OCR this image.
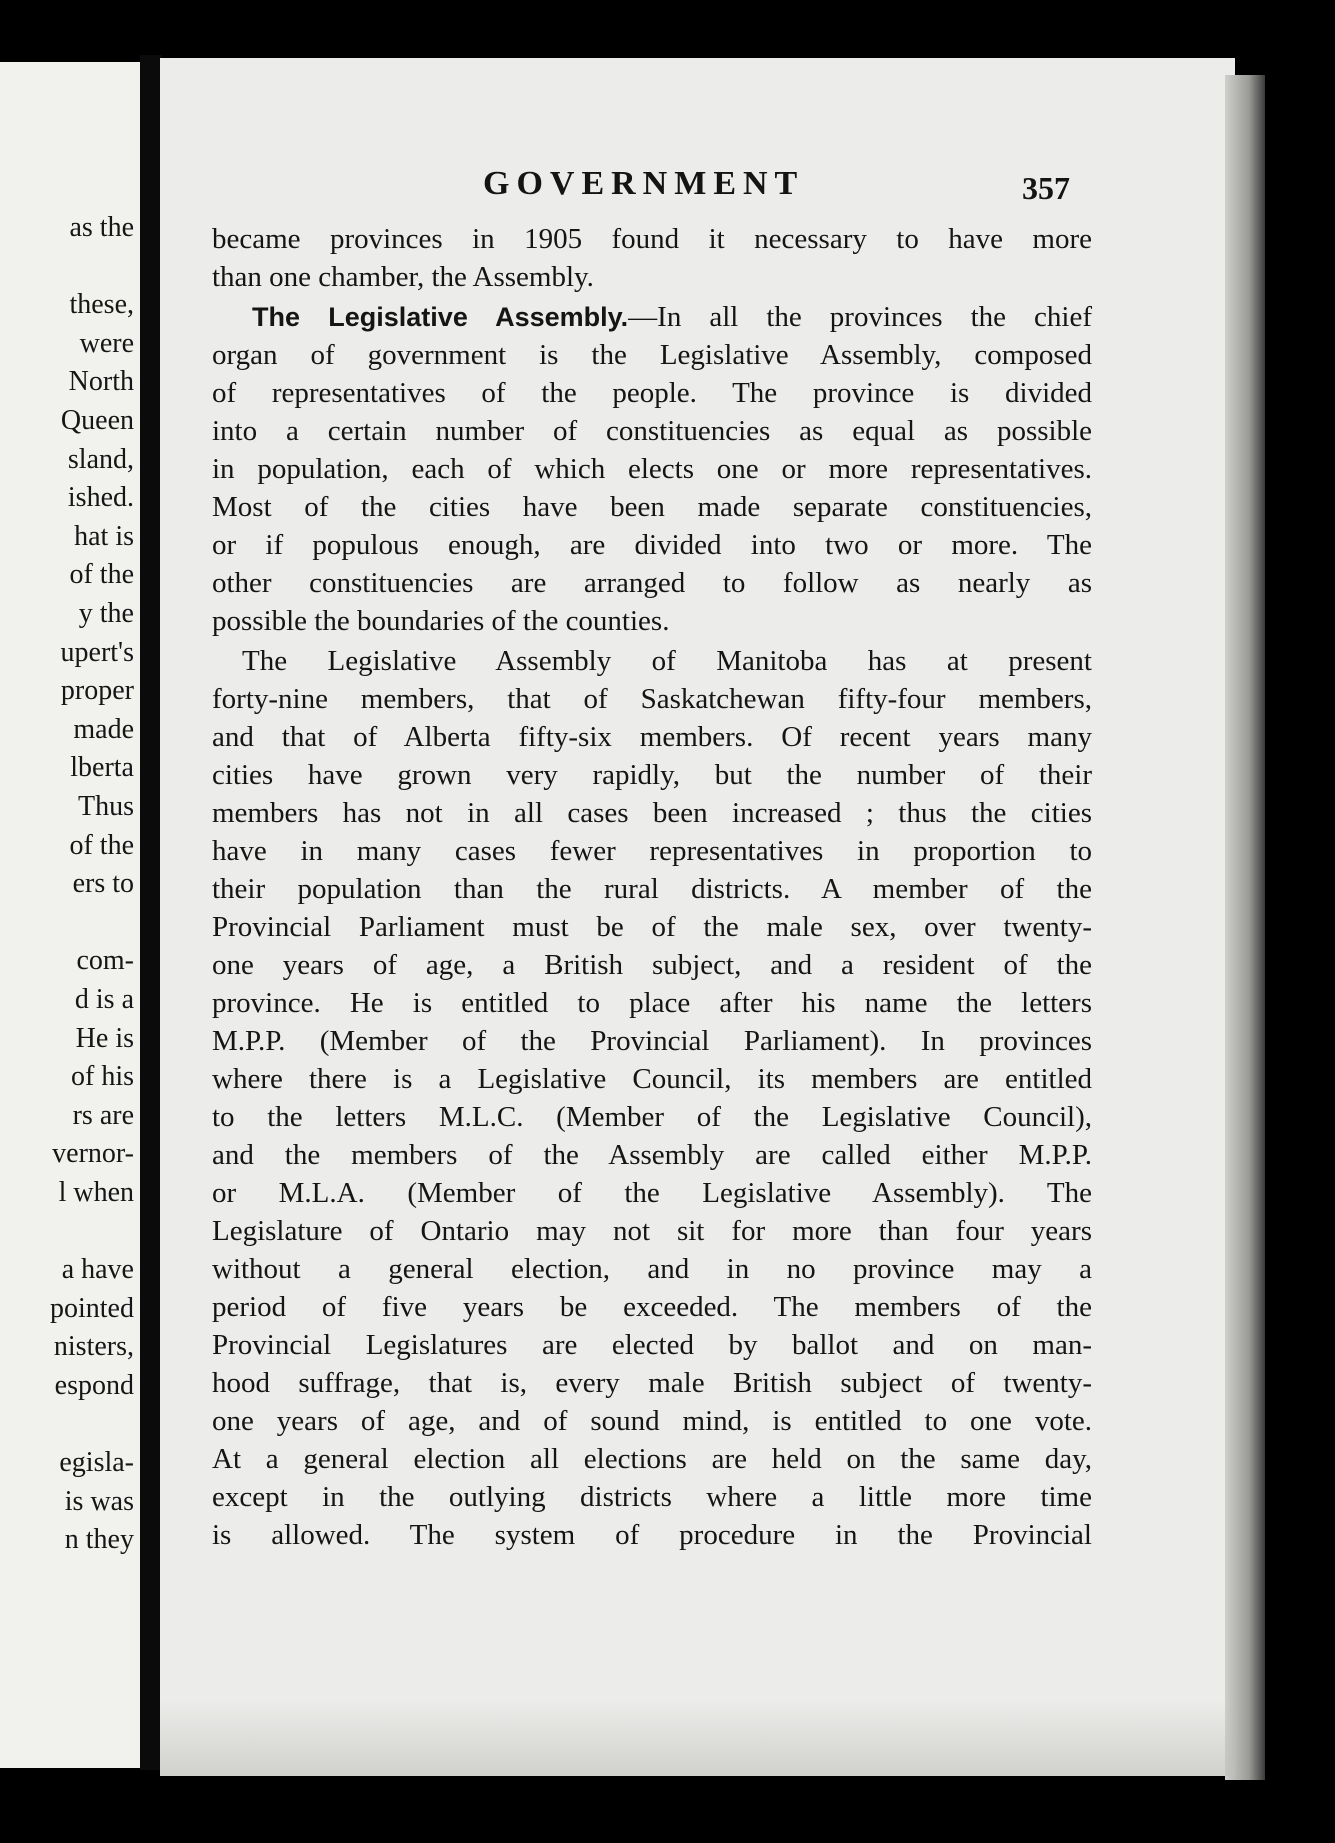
as the
these,
were
North
Queen
sland,
ished.
hat is
of the
y the
upert's
proper
made
lberta
Thus
of the
ers to
com-
d is a
He is
of his
rs are
vernor-
l when
a have
pointed
nisters,
espond
egisla-
is was
n they
GOVERNMENT	357
became provinces in 1905 found it necessary to have more
than one chamber, the Assembly.
The Legislative Assembly.—In all the provinces the chief
organ of government is the Legislative Assembly, composed
of representatives of the people. The province is divided
into a certain number of constituencies as equal as possible
in population, each of which elects one or more representatives.
Most of the cities have been made separate constituencies,
or if populous enough, are divided into two or more. The
other constituencies are arranged to follow as nearly as
possible the boundaries of the counties.
The Legislative Assembly of Manitoba has at present
forty-nine members, that of Saskatchewan fifty-four members,
and that of Alberta fifty-six members. Of recent years many
cities have grown very rapidly, but the number of their
members has not in all cases been increased ; thus the cities
have in many cases fewer representatives in proportion to
their population than the rural districts. A member of the
Provincial Parliament must be of the male sex, over twenty-
one years of age, a British subject, and a resident of the
province. He is entitled to place after his name the letters
M.P.P. (Member of the Provincial Parliament). In provinces
where there is a Legislative Council, its members are entitled
to the letters M.L.C. (Member of the Legislative Council),
and the members of the Assembly are called either M.P.P.
or M.L.A. (Member of the Legislative Assembly). The
Legislature of Ontario may not sit for more than four years
without a general election, and in no province may a
period of five years be exceeded. The members of the
Provincial Legislatures are elected by ballot and on man-
hood suffrage, that is, every male British subject of twenty-
one years of age, and of sound mind, is entitled to one vote.
At a general election all elections are held on the same day,
except in the outlying districts where a little more time
is allowed. The system of procedure in the Provincial
